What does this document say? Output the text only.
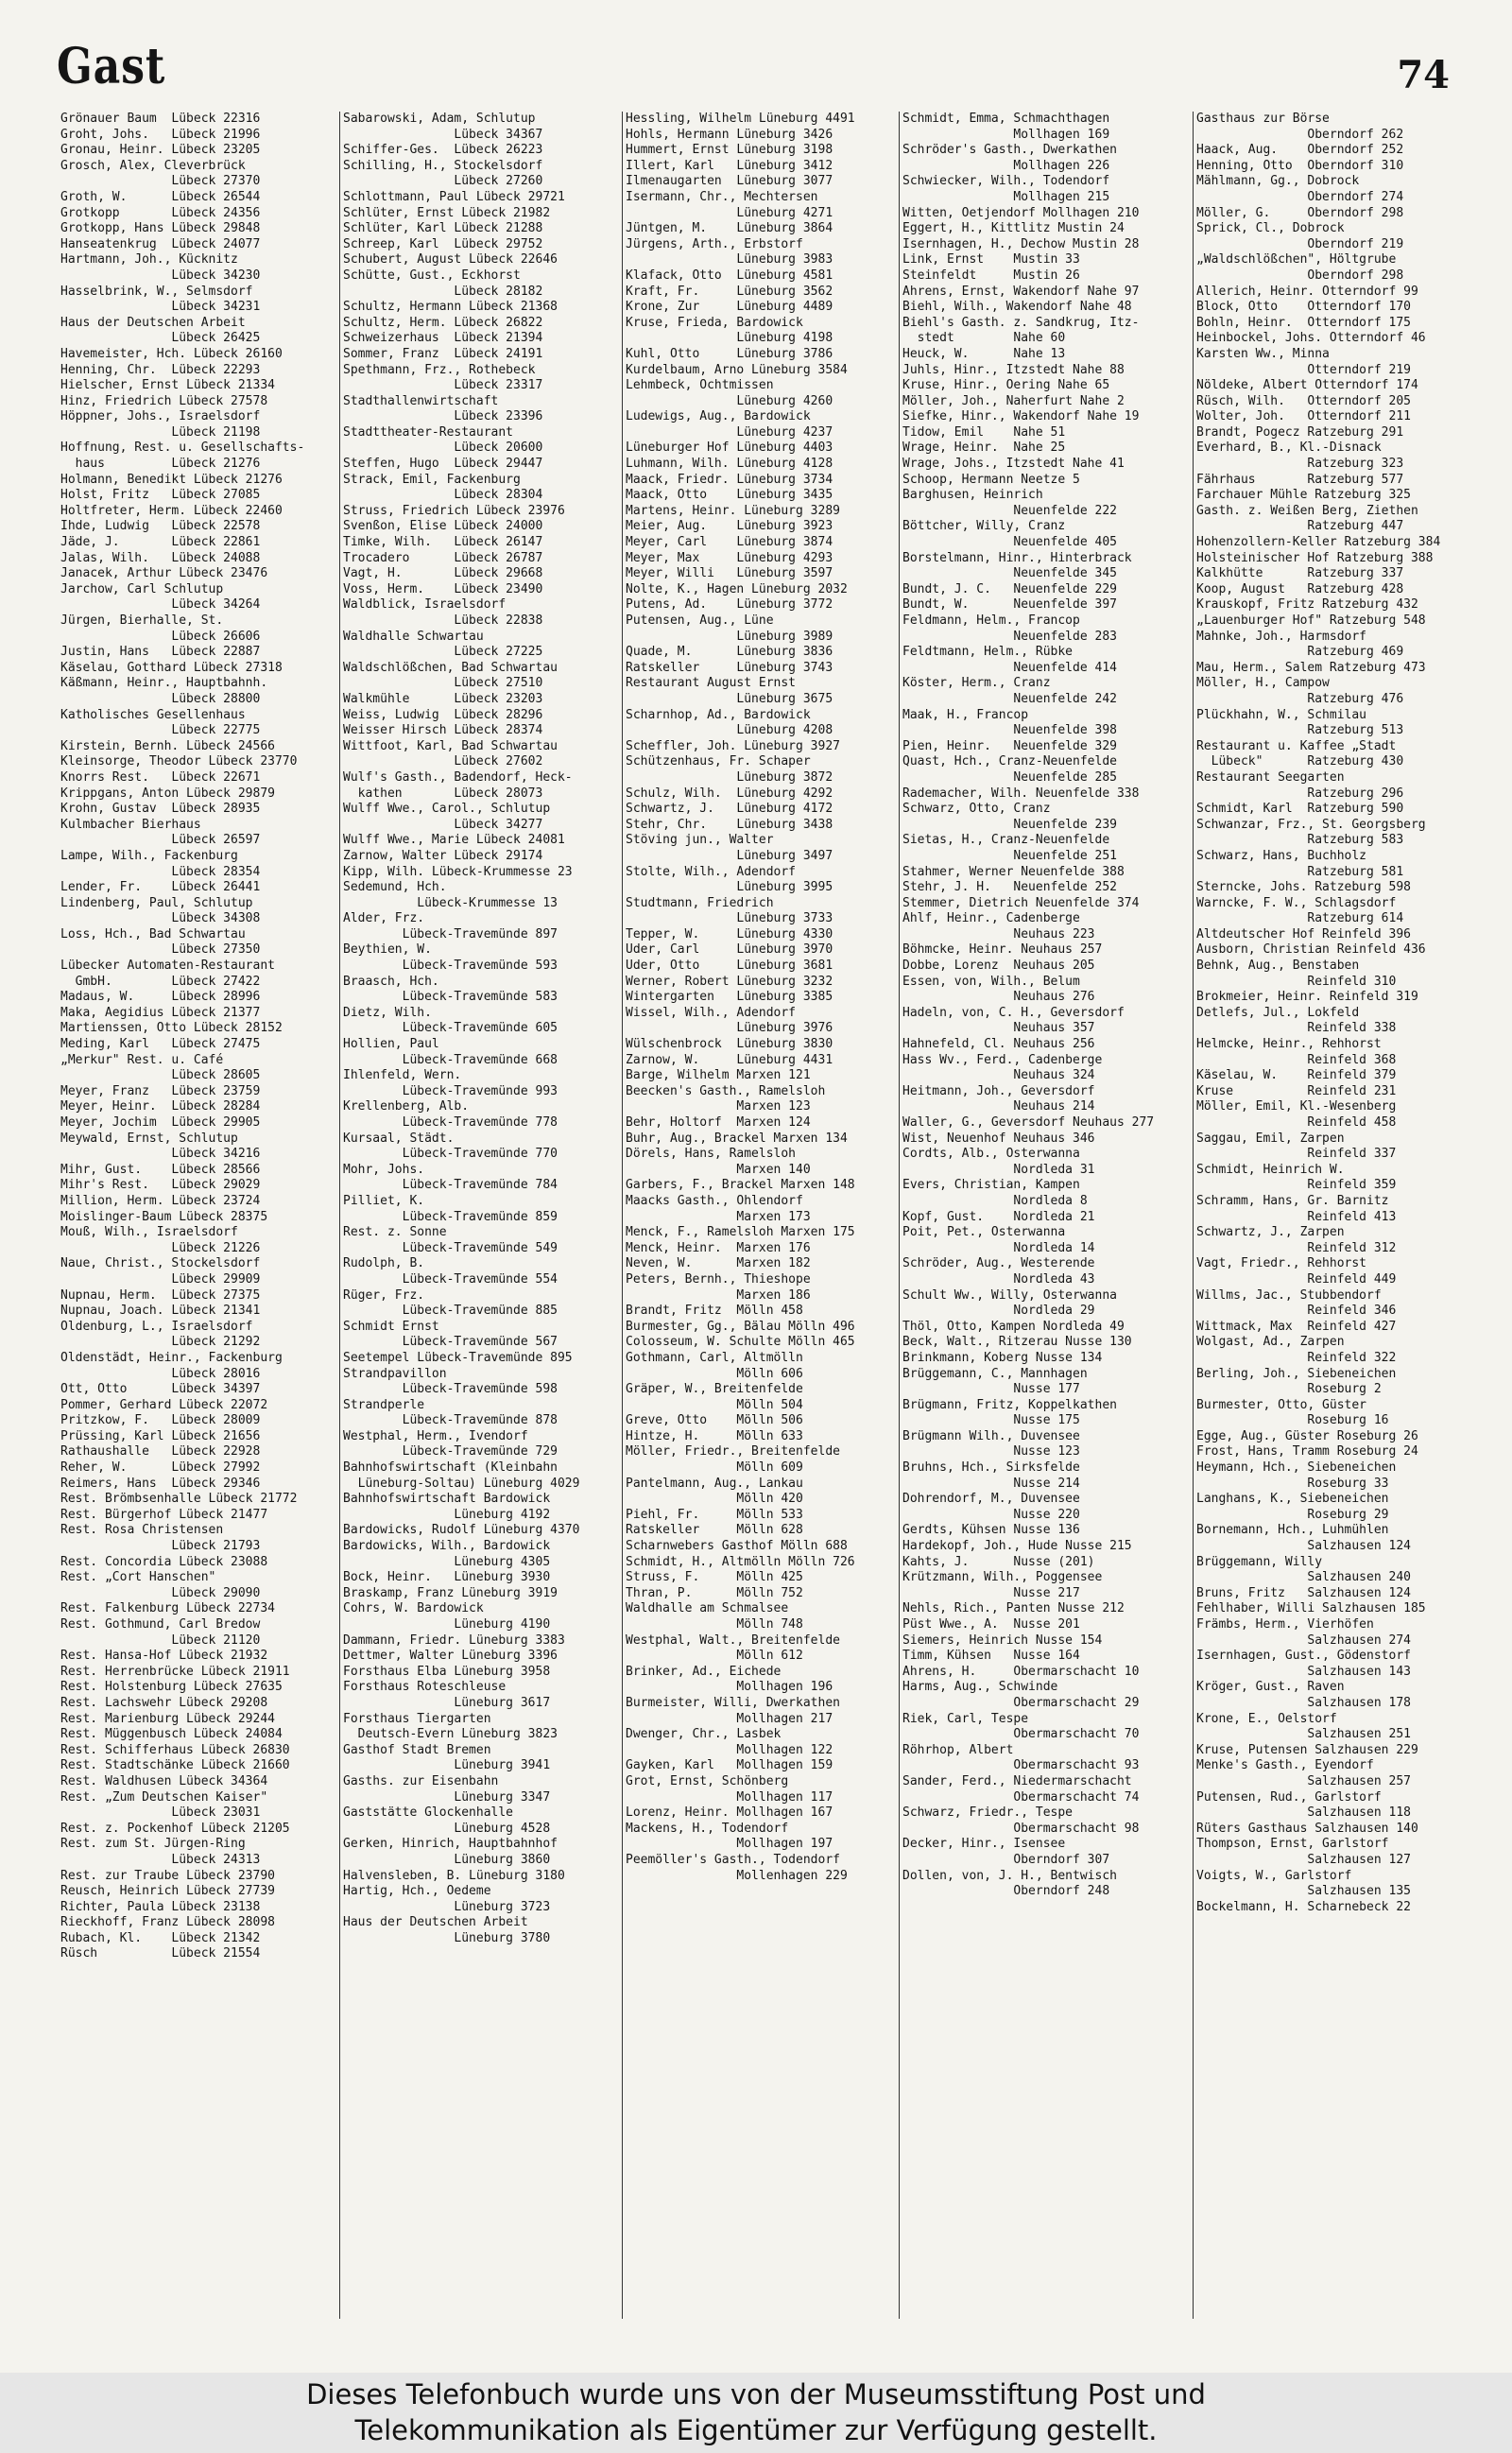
Gast	74
Grönauer Baum  Lübeck 22316
Groht, Johs.   Lübeck 21996
Gronau, Heinr. Lübeck 23205
Grosch, Alex, Cleverbrück
Lübeck 27370
Groth, W.      Lübeck 26544
Grotkopp       Lübeck 24356
Grotkopp, Hans Lübeck 29848
Hanseatenkrug  Lübeck 24077
Hartmann, Joh., Kücknitz
Lübeck 34230
Hasselbrink, W., Selmsdorf
Lübeck 34231
Haus der Deutschen Arbeit
Lübeck 26425
Havemeister, Hch. Lübeck 26160
Henning, Chr.  Lübeck 22293
Hielscher, Ernst Lübeck 21334
Hinz, Friedrich Lübeck 27578
Höppner, Johs., Israelsdorf
Lübeck 21198
Hoffnung, Rest. u. Gesellschafts-
haus         Lübeck 21276
Holmann, Benedikt Lübeck 21276
Holst, Fritz   Lübeck 27085
Holtfreter, Herm. Lübeck 22460
Ihde, Ludwig   Lübeck 22578
Jäde, J.       Lübeck 22861
Jalas, Wilh.   Lübeck 24088
Janacek, Arthur Lübeck 23476
Jarchow, Carl Schlutup
Lübeck 34264
Jürgen, Bierhalle, St.
Lübeck 26606
Justin, Hans   Lübeck 22887
Käselau, Gotthard Lübeck 27318
Käßmann, Heinr., Hauptbahnh.
Lübeck 28800
Katholisches Gesellenhaus
Lübeck 22775
Kirstein, Bernh. Lübeck 24566
Kleinsorge, Theodor Lübeck 23770
Knorrs Rest.   Lübeck 22671
Krippgans, Anton Lübeck 29879
Krohn, Gustav  Lübeck 28935
Kulmbacher Bierhaus
Lübeck 26597
Lampe, Wilh., Fackenburg
Lübeck 28354
Lender, Fr.    Lübeck 26441
Lindenberg, Paul, Schlutup
Lübeck 34308
Loss, Hch., Bad Schwartau
Lübeck 27350
Lübecker Automaten-Restaurant
GmbH.        Lübeck 27422
Madaus, W.     Lübeck 28996
Maka, Aegidius Lübeck 21377
Martienssen, Otto Lübeck 28152
Meding, Karl   Lübeck 27475
„Merkur" Rest. u. Café
Lübeck 28605
Meyer, Franz   Lübeck 23759
Meyer, Heinr.  Lübeck 28284
Meyer, Jochim  Lübeck 29905
Meywald, Ernst, Schlutup
Lübeck 34216
Mihr, Gust.    Lübeck 28566
Mihr's Rest.   Lübeck 29029
Million, Herm. Lübeck 23724
Moislinger-Baum Lübeck 28375
Mouß, Wilh., Israelsdorf
Lübeck 21226
Naue, Christ., Stockelsdorf
Lübeck 29909
Nupnau, Herm.  Lübeck 27375
Nupnau, Joach. Lübeck 21341
Oldenburg, L., Israelsdorf
Lübeck 21292
Oldenstädt, Heinr., Fackenburg
Lübeck 28016
Ott, Otto      Lübeck 34397
Pommer, Gerhard Lübeck 22072
Pritzkow, F.   Lübeck 28009
Prüssing, Karl Lübeck 21656
Rathaushalle   Lübeck 22928
Reher, W.      Lübeck 27992
Reimers, Hans  Lübeck 29346
Rest. Brömbsenhalle Lübeck 21772
Rest. Bürgerhof Lübeck 21477
Rest. Rosa Christensen
Lübeck 21793
Rest. Concordia Lübeck 23088
Rest. „Cort Hanschen"
Lübeck 29090
Rest. Falkenburg Lübeck 22734
Rest. Gothmund, Carl Bredow
Lübeck 21120
Rest. Hansa-Hof Lübeck 21932
Rest. Herrenbrücke Lübeck 21911
Rest. Holstenburg Lübeck 27635
Rest. Lachswehr Lübeck 29208
Rest. Marienburg Lübeck 29244
Rest. Müggenbusch Lübeck 24084
Rest. Schifferhaus Lübeck 26830
Rest. Stadtschänke Lübeck 21660
Rest. Waldhusen Lübeck 34364
Rest. „Zum Deutschen Kaiser"
Lübeck 23031
Rest. z. Pockenhof Lübeck 21205
Rest. zum St. Jürgen-Ring
Lübeck 24313
Rest. zur Traube Lübeck 23790
Reusch, Heinrich Lübeck 27739
Richter, Paula Lübeck 23138
Rieckhoff, Franz Lübeck 28098
Rubach, Kl.    Lübeck 21342
Rüsch          Lübeck 21554
Sabarowski, Adam, Schlutup
Lübeck 34367
Schiffer-Ges.  Lübeck 26223
Schilling, H., Stockelsdorf
Lübeck 27260
Schlottmann, Paul Lübeck 29721
Schlüter, Ernst Lübeck 21982
Schlüter, Karl Lübeck 21288
Schreep, Karl  Lübeck 29752
Schubert, August Lübeck 22646
Schütte, Gust., Eckhorst
Lübeck 28182
Schultz, Hermann Lübeck 21368
Schultz, Herm. Lübeck 26822
Schweizerhaus  Lübeck 21394
Sommer, Franz  Lübeck 24191
Spethmann, Frz., Rothebeck
Lübeck 23317
Stadthallenwirtschaft
Lübeck 23396
Stadttheater-Restaurant
Lübeck 20600
Steffen, Hugo  Lübeck 29447
Strack, Emil, Fackenburg
Lübeck 28304
Struss, Friedrich Lübeck 23976
Svenßon, Elise Lübeck 24000
Timke, Wilh.   Lübeck 26147
Trocadero      Lübeck 26787
Vagt, H.       Lübeck 29668
Voss, Herm.    Lübeck 23490
Waldblick, Israelsdorf
Lübeck 22838
Waldhalle Schwartau
Lübeck 27225
Waldschlößchen, Bad Schwartau
Lübeck 27510
Walkmühle      Lübeck 23203
Weiss, Ludwig  Lübeck 28296
Weisser Hirsch Lübeck 28374
Wittfoot, Karl, Bad Schwartau
Lübeck 27602
Wulf's Gasth., Badendorf, Heck-
kathen       Lübeck 28073
Wulff Wwe., Carol., Schlutup
Lübeck 34277
Wulff Wwe., Marie Lübeck 24081
Zarnow, Walter Lübeck 29174
Kipp, Wilh. Lübeck-Krummesse 23
Sedemund, Hch.
Lübeck-Krummesse 13
Alder, Frz.
Lübeck-Travemünde 897
Beythien, W.
Lübeck-Travemünde 593
Braasch, Hch.
Lübeck-Travemünde 583
Dietz, Wilh.
Lübeck-Travemünde 605
Hollien, Paul
Lübeck-Travemünde 668
Ihlenfeld, Wern.
Lübeck-Travemünde 993
Krellenberg, Alb.
Lübeck-Travemünde 778
Kursaal, Städt.
Lübeck-Travemünde 770
Mohr, Johs.
Lübeck-Travemünde 784
Pilliet, K.
Lübeck-Travemünde 859
Rest. z. Sonne
Lübeck-Travemünde 549
Rudolph, B.
Lübeck-Travemünde 554
Rüger, Frz.
Lübeck-Travemünde 885
Schmidt Ernst
Lübeck-Travemünde 567
Seetempel Lübeck-Travemünde 895
Strandpavillon
Lübeck-Travemünde 598
Strandperle
Lübeck-Travemünde 878
Westphal, Herm., Ivendorf
Lübeck-Travemünde 729
Bahnhofswirtschaft (Kleinbahn
Lüneburg-Soltau) Lüneburg 4029
Bahnhofswirtschaft Bardowick
Lüneburg 4192
Bardowicks, Rudolf Lüneburg 4370
Bardowicks, Wilh., Bardowick
Lüneburg 4305
Bock, Heinr.   Lüneburg 3930
Braskamp, Franz Lüneburg 3919
Cohrs, W. Bardowick
Lüneburg 4190
Dammann, Friedr. Lüneburg 3383
Dettmer, Walter Lüneburg 3396
Forsthaus Elba Lüneburg 3958
Forsthaus Roteschleuse
Lüneburg 3617
Forsthaus Tiergarten
Deutsch-Evern Lüneburg 3823
Gasthof Stadt Bremen
Lüneburg 3941
Gasths. zur Eisenbahn
Lüneburg 3347
Gaststätte Glockenhalle
Lüneburg 4528
Gerken, Hinrich, Hauptbahnhof
Lüneburg 3860
Halvensleben, B. Lüneburg 3180
Hartig, Hch., Oedeme
Lüneburg 3723
Haus der Deutschen Arbeit
Lüneburg 3780
Hessling, Wilhelm Lüneburg 4491
Hohls, Hermann Lüneburg 3426
Hummert, Ernst Lüneburg 3198
Illert, Karl   Lüneburg 3412
Ilmenaugarten  Lüneburg 3077
Isermann, Chr., Mechtersen
Lüneburg 4271
Jüntgen, M.    Lüneburg 3864
Jürgens, Arth., Erbstorf
Lüneburg 3983
Klafack, Otto  Lüneburg 4581
Kraft, Fr.     Lüneburg 3562
Krone, Zur     Lüneburg 4489
Kruse, Frieda, Bardowick
Lüneburg 4198
Kuhl, Otto     Lüneburg 3786
Kurdelbaum, Arno Lüneburg 3584
Lehmbeck, Ochtmissen
Lüneburg 4260
Ludewigs, Aug., Bardowick
Lüneburg 4237
Lüneburger Hof Lüneburg 4403
Luhmann, Wilh. Lüneburg 4128
Maack, Friedr. Lüneburg 3734
Maack, Otto    Lüneburg 3435
Martens, Heinr. Lüneburg 3289
Meier, Aug.    Lüneburg 3923
Meyer, Carl    Lüneburg 3874
Meyer, Max     Lüneburg 4293
Meyer, Willi   Lüneburg 3597
Nolte, K., Hagen Lüneburg 2032
Putens, Ad.    Lüneburg 3772
Putensen, Aug., Lüne
Lüneburg 3989
Quade, M.      Lüneburg 3836
Ratskeller     Lüneburg 3743
Restaurant August Ernst
Lüneburg 3675
Scharnhop, Ad., Bardowick
Lüneburg 4208
Scheffler, Joh. Lüneburg 3927
Schützenhaus, Fr. Schaper
Lüneburg 3872
Schulz, Wilh.  Lüneburg 4292
Schwartz, J.   Lüneburg 4172
Stehr, Chr.    Lüneburg 3438
Stöving jun., Walter
Lüneburg 3497
Stolte, Wilh., Adendorf
Lüneburg 3995
Studtmann, Friedrich
Lüneburg 3733
Tepper, W.     Lüneburg 4330
Uder, Carl     Lüneburg 3970
Uder, Otto     Lüneburg 3681
Werner, Robert Lüneburg 3232
Wintergarten   Lüneburg 3385
Wissel, Wilh., Adendorf
Lüneburg 3976
Wülschenbrock  Lüneburg 3830
Zarnow, W.     Lüneburg 4431
Barge, Wilhelm Marxen 121
Beecken's Gasth., Ramelsloh
Marxen 123
Behr, Holtorf  Marxen 124
Buhr, Aug., Brackel Marxen 134
Dörels, Hans, Ramelsloh
Marxen 140
Garbers, F., Brackel Marxen 148
Maacks Gasth., Ohlendorf
Marxen 173
Menck, F., Ramelsloh Marxen 175
Menck, Heinr.  Marxen 176
Neven, W.      Marxen 182
Peters, Bernh., Thieshope
Marxen 186
Brandt, Fritz  Mölln 458
Burmester, Gg., Bälau Mölln 496
Colosseum, W. Schulte Mölln 465
Gothmann, Carl, Altmölln
Mölln 606
Gräper, W., Breitenfelde
Mölln 504
Greve, Otto    Mölln 506
Hintze, H.     Mölln 633
Möller, Friedr., Breitenfelde
Mölln 609
Pantelmann, Aug., Lankau
Mölln 420
Piehl, Fr.     Mölln 533
Ratskeller     Mölln 628
Scharnwebers Gasthof Mölln 688
Schmidt, H., Altmölln Mölln 726
Struss, F.     Mölln 425
Thran, P.      Mölln 752
Waldhalle am Schmalsee
Mölln 748
Westphal, Walt., Breitenfelde
Mölln 612
Brinker, Ad., Eichede
Mollhagen 196
Burmeister, Willi, Dwerkathen
Mollhagen 217
Dwenger, Chr., Lasbek
Mollhagen 122
Gayken, Karl   Mollhagen 159
Grot, Ernst, Schönberg
Mollhagen 117
Lorenz, Heinr. Mollhagen 167
Mackens, H., Todendorf
Mollhagen 197
Peemöller's Gasth., Todendorf
Mollenhagen 229
Schmidt, Emma, Schmachthagen
Mollhagen 169
Schröder's Gasth., Dwerkathen
Mollhagen 226
Schwiecker, Wilh., Todendorf
Mollhagen 215
Witten, Oetjendorf Mollhagen 210
Eggert, H., Kittlitz Mustin 24
Isernhagen, H., Dechow Mustin 28
Link, Ernst    Mustin 33
Steinfeldt     Mustin 26
Ahrens, Ernst, Wakendorf Nahe 97
Biehl, Wilh., Wakendorf Nahe 48
Biehl's Gasth. z. Sandkrug, Itz-
stedt        Nahe 60
Heuck, W.      Nahe 13
Juhls, Hinr., Itzstedt Nahe 88
Kruse, Hinr., Oering Nahe 65
Möller, Joh., Naherfurt Nahe 2
Siefke, Hinr., Wakendorf Nahe 19
Tidow, Emil    Nahe 51
Wrage, Heinr.  Nahe 25
Wrage, Johs., Itzstedt Nahe 41
Schoop, Hermann Neetze 5
Barghusen, Heinrich
Neuenfelde 222
Böttcher, Willy, Cranz
Neuenfelde 405
Borstelmann, Hinr., Hinterbrack
Neuenfelde 345
Bundt, J. C.   Neuenfelde 229
Bundt, W.      Neuenfelde 397
Feldmann, Helm., Francop
Neuenfelde 283
Feldtmann, Helm., Rübke
Neuenfelde 414
Köster, Herm., Cranz
Neuenfelde 242
Maak, H., Francop
Neuenfelde 398
Pien, Heinr.   Neuenfelde 329
Quast, Hch., Cranz-Neuenfelde
Neuenfelde 285
Rademacher, Wilh. Neuenfelde 338
Schwarz, Otto, Cranz
Neuenfelde 239
Sietas, H., Cranz-Neuenfelde
Neuenfelde 251
Stahmer, Werner Neuenfelde 388
Stehr, J. H.   Neuenfelde 252
Stemmer, Dietrich Neuenfelde 374
Ahlf, Heinr., Cadenberge
Neuhaus 223
Böhmcke, Heinr. Neuhaus 257
Dobbe, Lorenz  Neuhaus 205
Essen, von, Wilh., Belum
Neuhaus 276
Hadeln, von, C. H., Geversdorf
Neuhaus 357
Hahnefeld, Cl. Neuhaus 256
Hass Wv., Ferd., Cadenberge
Neuhaus 324
Heitmann, Joh., Geversdorf
Neuhaus 214
Waller, G., Geversdorf Neuhaus 277
Wist, Neuenhof Neuhaus 346
Cordts, Alb., Osterwanna
Nordleda 31
Evers, Christian, Kampen
Nordleda 8
Kopf, Gust.    Nordleda 21
Poit, Pet., Osterwanna
Nordleda 14
Schröder, Aug., Westerende
Nordleda 43
Schult Ww., Willy, Osterwanna
Nordleda 29
Thöl, Otto, Kampen Nordleda 49
Beck, Walt., Ritzerau Nusse 130
Brinkmann, Koberg Nusse 134
Brüggemann, C., Mannhagen
Nusse 177
Brügmann, Fritz, Koppelkathen
Nusse 175
Brügmann Wilh., Duvensee
Nusse 123
Bruhns, Hch., Sirksfelde
Nusse 214
Dohrendorf, M., Duvensee
Nusse 220
Gerdts, Kühsen Nusse 136
Hardekopf, Joh., Hude Nusse 215
Kahts, J.      Nusse (201)
Krützmann, Wilh., Poggensee
Nusse 217
Nehls, Rich., Panten Nusse 212
Püst Wwe., A.  Nusse 201
Siemers, Heinrich Nusse 154
Timm, Kühsen   Nusse 164
Ahrens, H.     Obermarschacht 10
Harms, Aug., Schwinde
Obermarschacht 29
Riek, Carl, Tespe
Obermarschacht 70
Röhrhop, Albert
Obermarschacht 93
Sander, Ferd., Niedermarschacht
Obermarschacht 74
Schwarz, Friedr., Tespe
Obermarschacht 98
Decker, Hinr., Isensee
Oberndorf 307
Dollen, von, J. H., Bentwisch
Oberndorf 248
Gasthaus zur Börse
Oberndorf 262
Haack, Aug.    Oberndorf 252
Henning, Otto  Oberndorf 310
Mählmann, Gg., Dobrock
Oberndorf 274
Möller, G.     Oberndorf 298
Sprick, Cl., Dobrock
Oberndorf 219
„Waldschlößchen", Höltgrube
Oberndorf 298
Allerich, Heinr. Otterndorf 99
Block, Otto    Otterndorf 170
Bohln, Heinr.  Otterndorf 175
Heinbockel, Johs. Otterndorf 46
Karsten Ww., Minna
Otterndorf 219
Nöldeke, Albert Otterndorf 174
Rüsch, Wilh.   Otterndorf 205
Wolter, Joh.   Otterndorf 211
Brandt, Pogecz Ratzeburg 291
Everhard, B., Kl.-Disnack
Ratzeburg 323
Fährhaus       Ratzeburg 577
Farchauer Mühle Ratzeburg 325
Gasth. z. Weißen Berg, Ziethen
Ratzeburg 447
Hohenzollern-Keller Ratzeburg 384
Holsteinischer Hof Ratzeburg 388
Kalkhütte      Ratzeburg 337
Koop, August   Ratzeburg 428
Krauskopf, Fritz Ratzeburg 432
„Lauenburger Hof" Ratzeburg 548
Mahnke, Joh., Harmsdorf
Ratzeburg 469
Mau, Herm., Salem Ratzeburg 473
Möller, H., Campow
Ratzeburg 476
Plückhahn, W., Schmilau
Ratzeburg 513
Restaurant u. Kaffee „Stadt
Lübeck"      Ratzeburg 430
Restaurant Seegarten
Ratzeburg 296
Schmidt, Karl  Ratzeburg 590
Schwanzar, Frz., St. Georgsberg
Ratzeburg 583
Schwarz, Hans, Buchholz
Ratzeburg 581
Sterncke, Johs. Ratzeburg 598
Warncke, F. W., Schlagsdorf
Ratzeburg 614
Altdeutscher Hof Reinfeld 396
Ausborn, Christian Reinfeld 436
Behnk, Aug., Benstaben
Reinfeld 310
Brokmeier, Heinr. Reinfeld 319
Detlefs, Jul., Lokfeld
Reinfeld 338
Helmcke, Heinr., Rehhorst
Reinfeld 368
Käselau, W.    Reinfeld 379
Kruse          Reinfeld 231
Möller, Emil, Kl.-Wesenberg
Reinfeld 458
Saggau, Emil, Zarpen
Reinfeld 337
Schmidt, Heinrich W.
Reinfeld 359
Schramm, Hans, Gr. Barnitz
Reinfeld 413
Schwartz, J., Zarpen
Reinfeld 312
Vagt, Friedr., Rehhorst
Reinfeld 449
Willms, Jac., Stubbendorf
Reinfeld 346
Wittmack, Max  Reinfeld 427
Wolgast, Ad., Zarpen
Reinfeld 322
Berling, Joh., Siebeneichen
Roseburg 2
Burmester, Otto, Güster
Roseburg 16
Egge, Aug., Güster Roseburg 26
Frost, Hans, Tramm Roseburg 24
Heymann, Hch., Siebeneichen
Roseburg 33
Langhans, K., Siebeneichen
Roseburg 29
Bornemann, Hch., Luhmühlen
Salzhausen 124
Brüggemann, Willy
Salzhausen 240
Bruns, Fritz   Salzhausen 124
Fehlhaber, Willi Salzhausen 185
Främbs, Herm., Vierhöfen
Salzhausen 274
Isernhagen, Gust., Gödenstorf
Salzhausen 143
Kröger, Gust., Raven
Salzhausen 178
Krone, E., Oelstorf
Salzhausen 251
Kruse, Putensen Salzhausen 229
Menke's Gasth., Eyendorf
Salzhausen 257
Putensen, Rud., Garlstorf
Salzhausen 118
Rüters Gasthaus Salzhausen 140
Thompson, Ernst, Garlstorf
Salzhausen 127
Voigts, W., Garlstorf
Salzhausen 135
Bockelmann, H. Scharnebeck 22
Dieses Telefonbuch wurde uns von der Museumsstiftung Post und
Telekommunikation als Eigentümer zur Verfügung gestellt.
